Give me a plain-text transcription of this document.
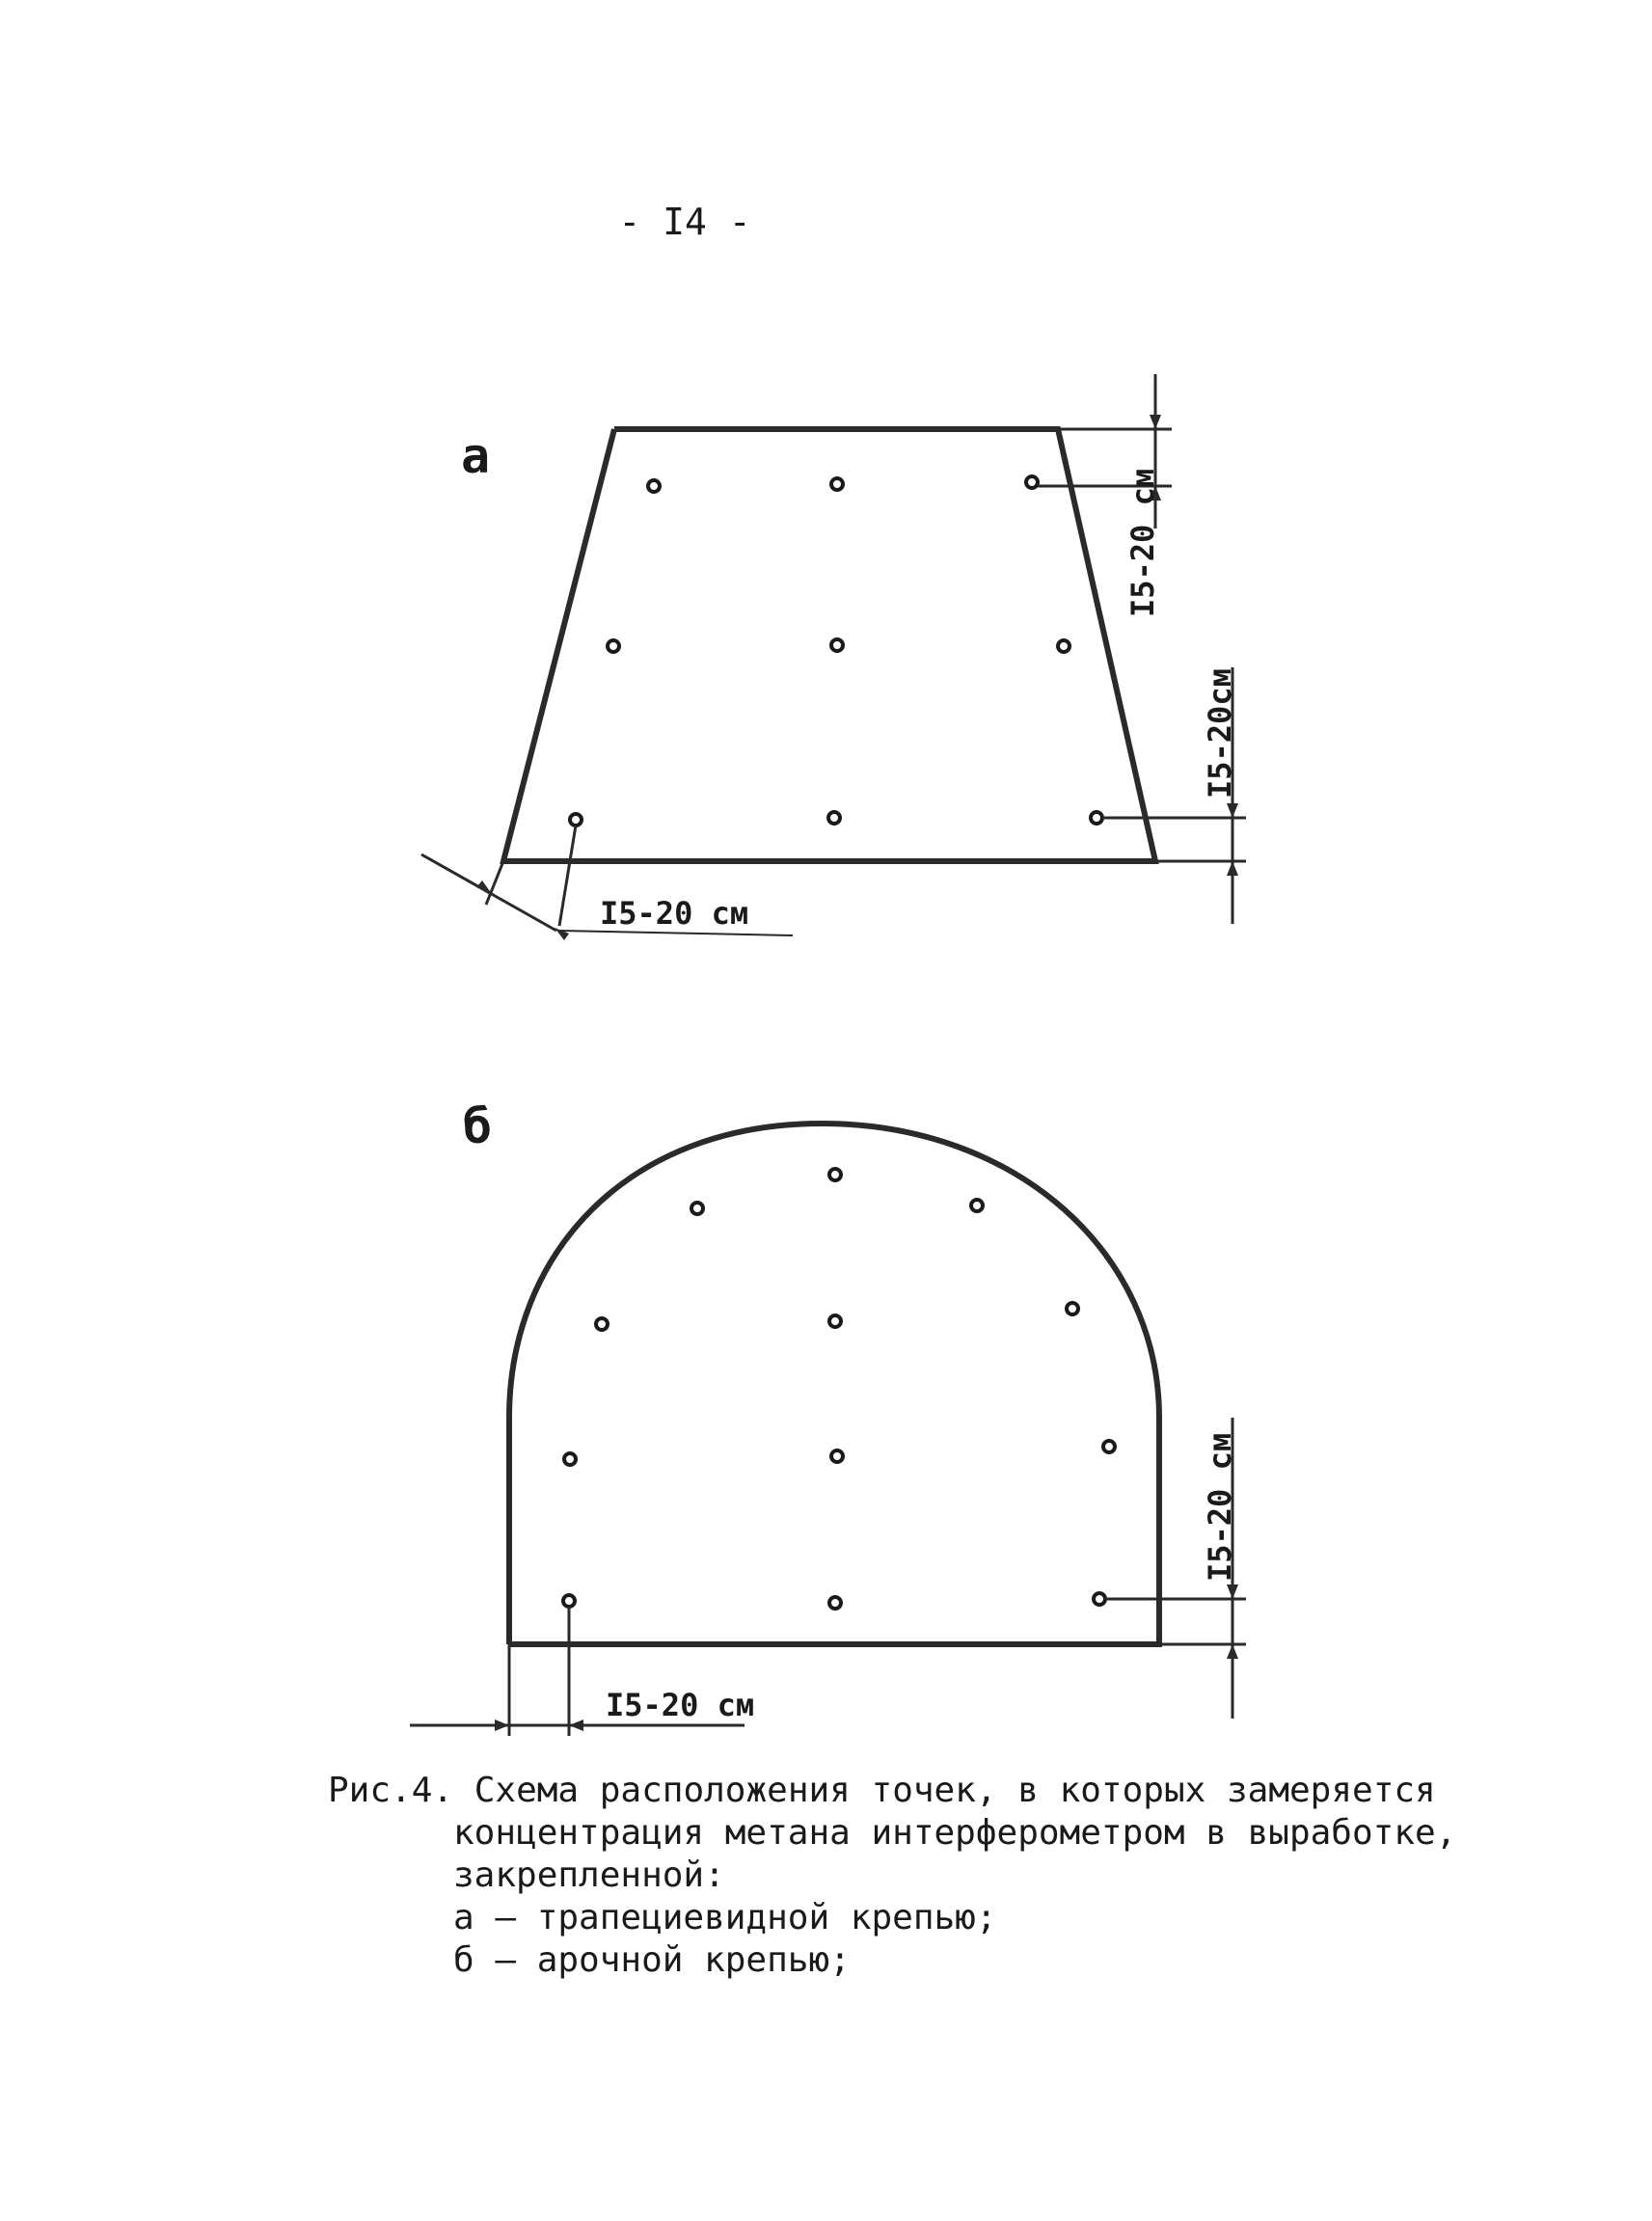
- I4 -
a
I5-20 см
I5-20см
I5-20 см
б
I5-20 см
I5-20 см
Рис.4. Схема расположения точек, в которых замеряется
концентрация метана интерферометром в выработке,
закрепленной:
а – трапециевидной крепью;
б – арочной крепью;
